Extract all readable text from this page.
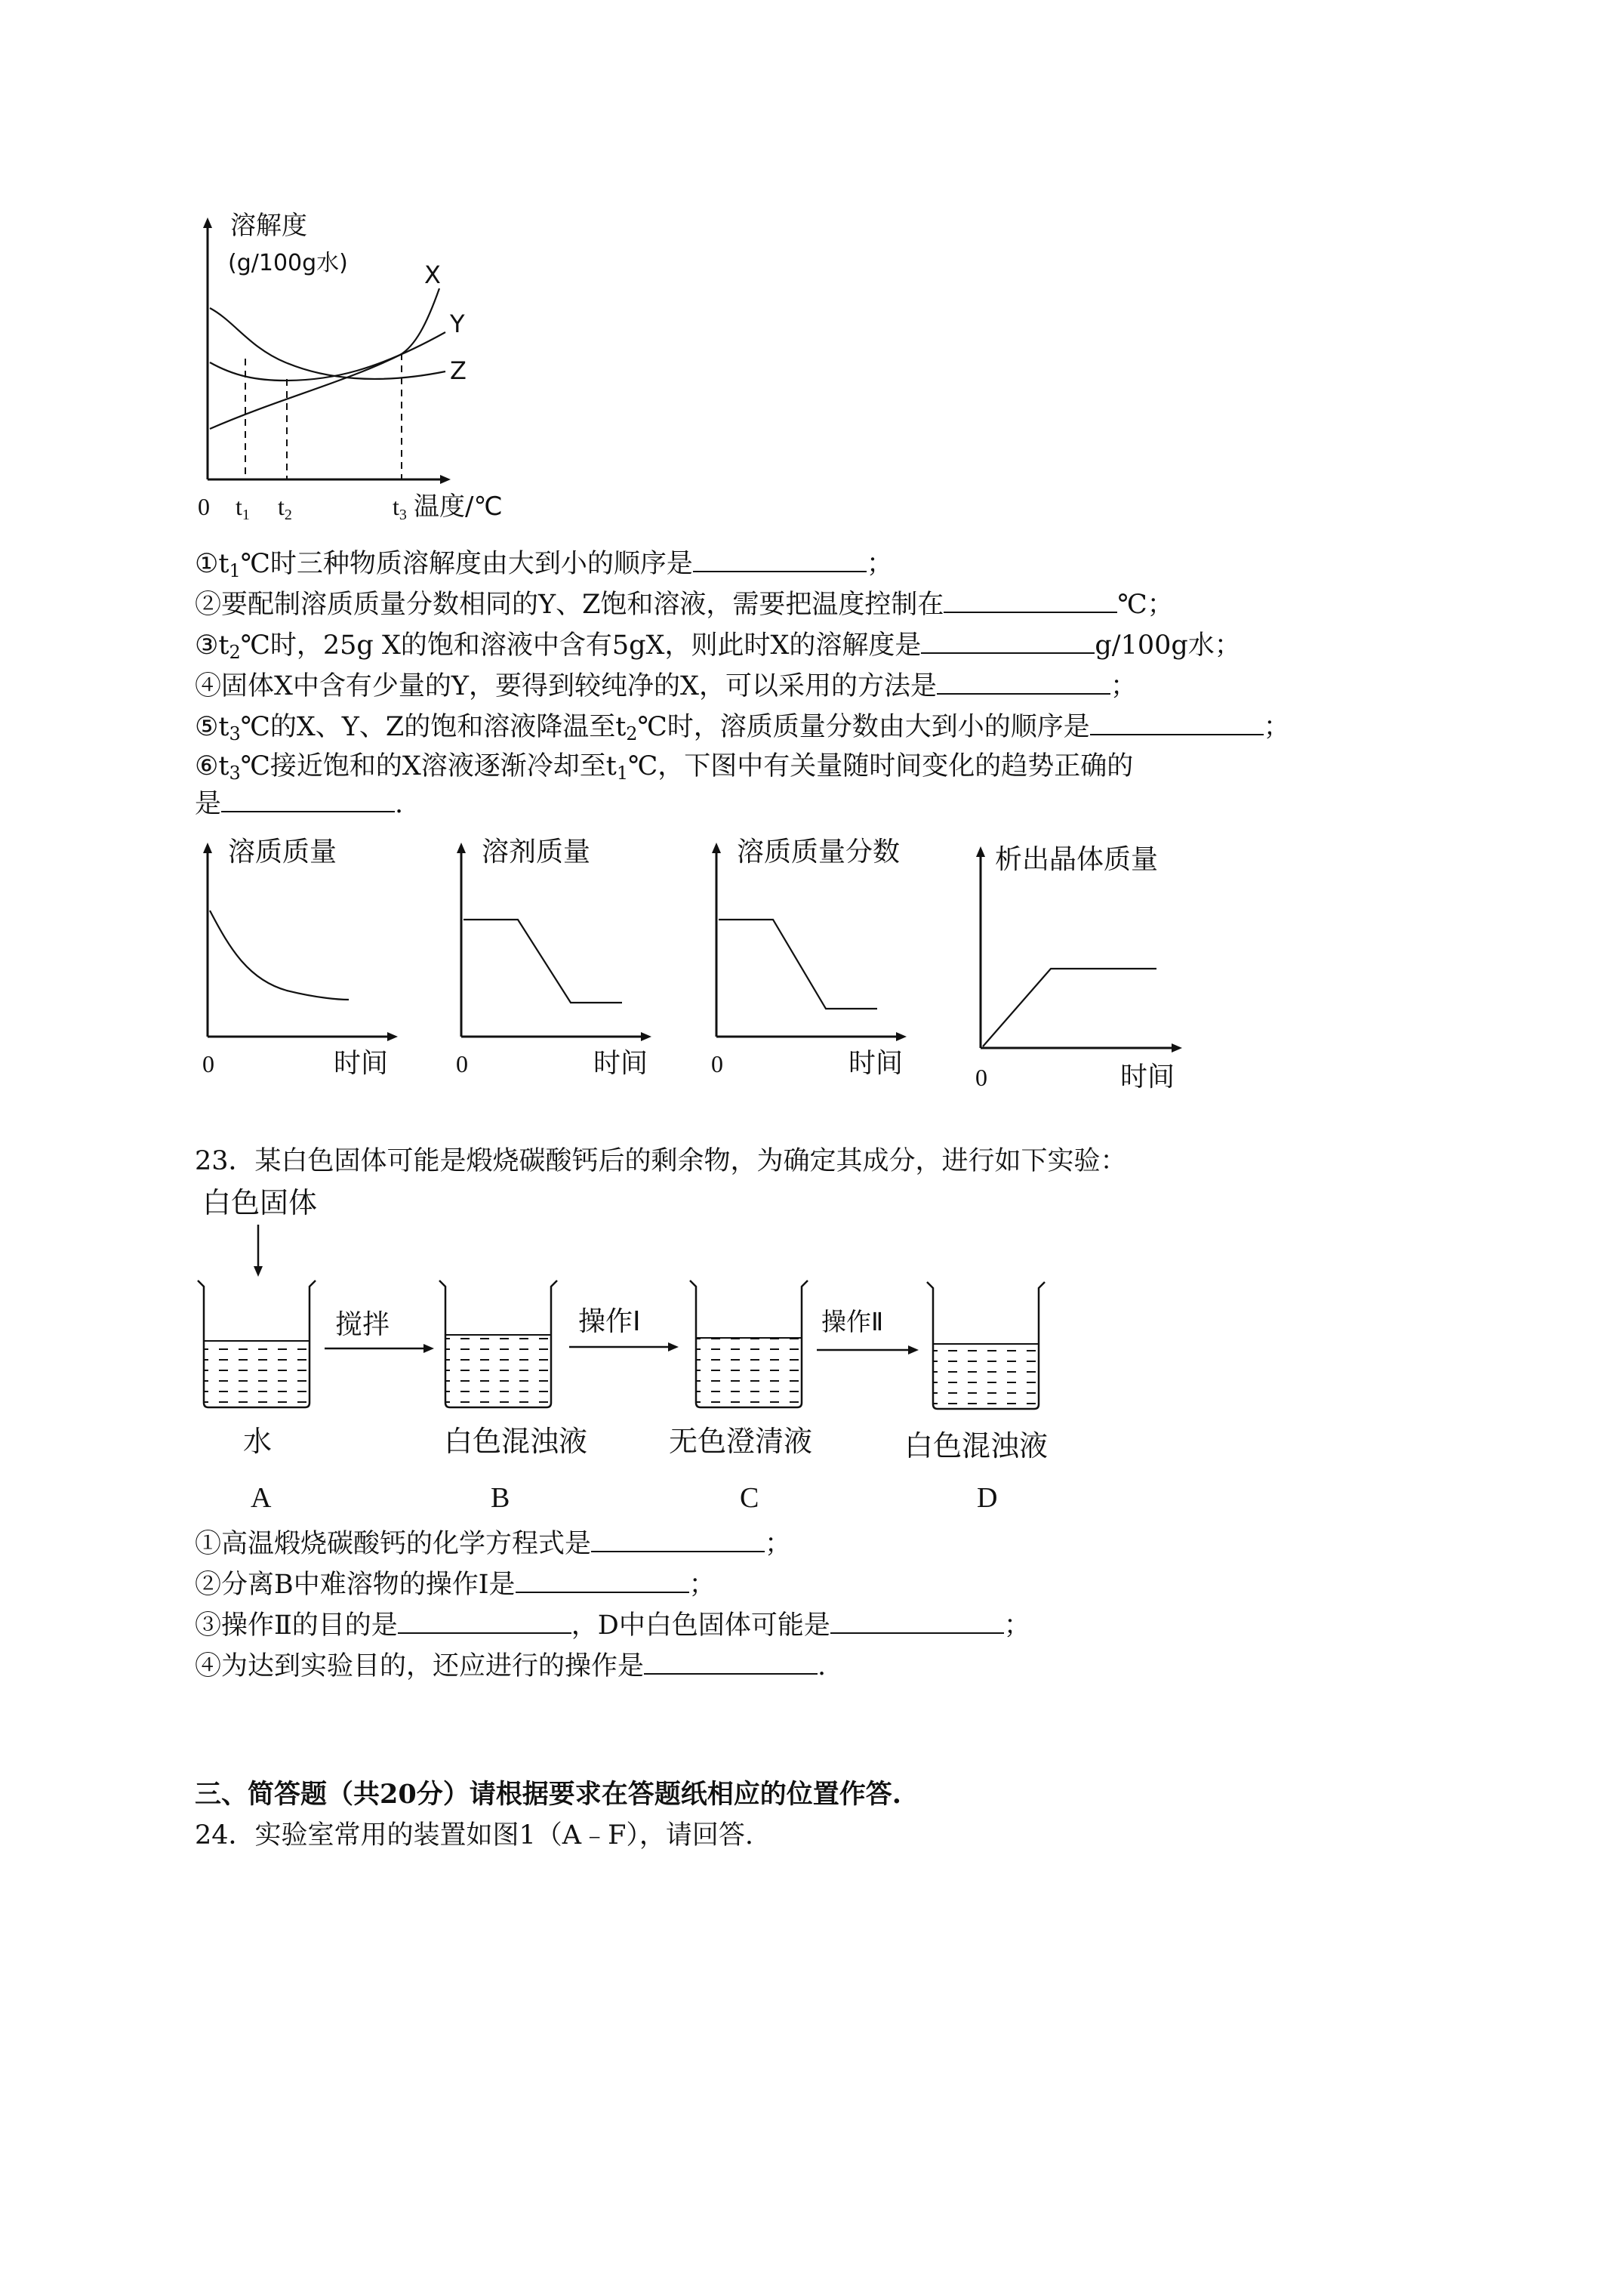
溶解度
(g/100g水)	X
Y
Z
0 t1 t2	t3 温度/℃
$①t_1℃$时三种物质溶解度由大到小的顺序是	；
②要配制溶质质量分数相同的Y、Z饱和溶液，需要把温度控制在	℃；
$③t_2℃$时，25g X的饱和溶液中含有5gX，则此时X的溶解度是	g/100g水；
④固体X中含有少量的Y，要得到较纯净的X，可以采用的方法是	；
$⑤t_3℃$的X、Y、Z的饱和溶液降温至$t_2℃$时，溶质质量分数由大到小的顺序是	；
$⑥t_3℃$接近饱和的X溶液逐渐冷却至$t_1℃$，下图中有关量随时间变化的趋势正确的
是	.
溶质质量
0	时间
溶剂质量
0	时间
溶质质量分数
0	时间
析出晶体质量
0	时间
23．某白色固体可能是煅烧碳酸钙后的剩余物，为确定其成分，进行如下实验：
白色固体
水
A
搅拌
白色混浊液
B
操作Ⅰ
无色澄清液
C
操作Ⅱ
白色混浊液
D
①高温煅烧碳酸钙的化学方程式是	；
②分离B中难溶物的操作Ⅰ是	；
③操作Ⅱ的目的是	，D中白色固体可能是	；
④为达到实验目的，还应进行的操作是	.
三、简答题（共20分）请根据要求在答题纸相应的位置作答.
24．实验室常用的装置如图1（A﹣F），请回答.
